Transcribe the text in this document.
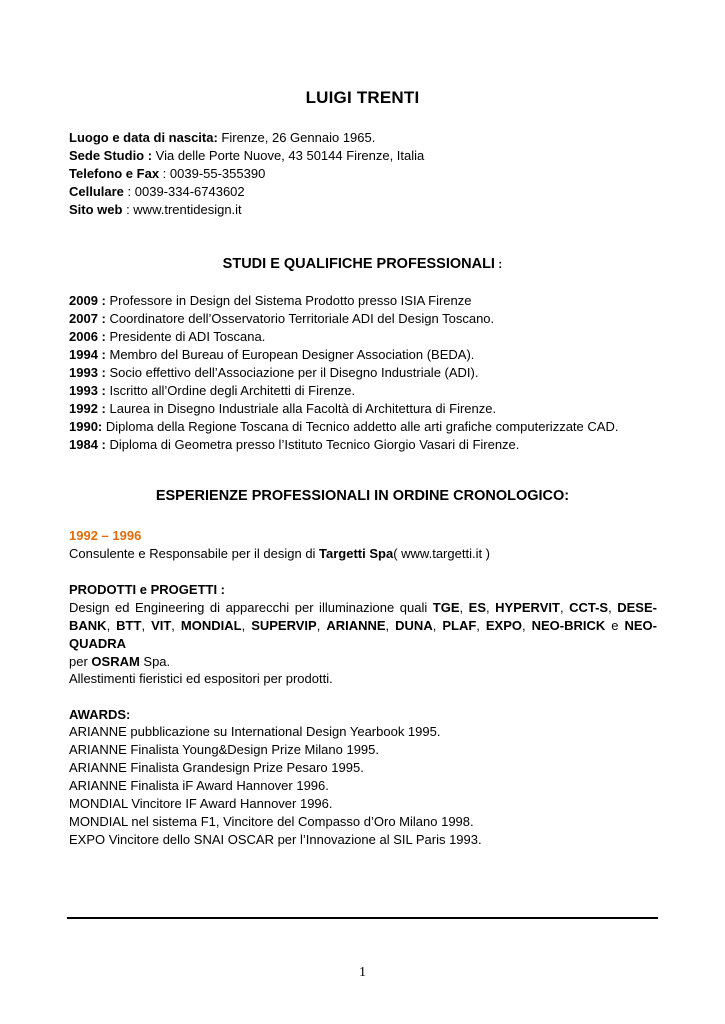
LUIGI TRENTI
Luogo e data di nascita: Firenze, 26 Gennaio 1965.
Sede Studio : Via delle Porte Nuove, 43 50144 Firenze, Italia
Telefono e Fax : 0039-55-355390
Cellulare : 0039-334-6743602
Sito web : www.trentidesign.it
STUDI E QUALIFICHE PROFESSIONALI :
2009 : Professore in Design del Sistema Prodotto presso ISIA Firenze
2007 : Coordinatore dell’Osservatorio Territoriale ADI del Design Toscano.
2006 : Presidente di ADI Toscana.
1994 : Membro del Bureau of European Designer Association (BEDA).
1993 : Socio effettivo dell’Associazione per il Disegno Industriale (ADI).
1993 : Iscritto all’Ordine degli Architetti di Firenze.
1992 : Laurea in Disegno Industriale alla Facoltà di Architettura di Firenze.
1990: Diploma della Regione Toscana di Tecnico addetto alle arti grafiche computerizzate CAD.
1984 : Diploma di Geometra presso l’Istituto Tecnico Giorgio Vasari di Firenze.
ESPERIENZE PROFESSIONALI IN ORDINE CRONOLOGICO:
1992 – 1996
Consulente e Responsabile per il design di Targetti Spa( www.targetti.it )
PRODOTTI e PROGETTI :
Design ed Engineering di apparecchi per illuminazione quali TGE, ES, HYPERVIT, CCT-S, DESE-BANK, BTT, VIT, MONDIAL, SUPERVIP, ARIANNE, DUNA, PLAF, EXPO, NEO-BRICK e NEO-QUADRA
per OSRAM Spa.
Allestimenti fieristici ed espositori per prodotti.
AWARDS:
ARIANNE pubblicazione su International Design Yearbook 1995.
ARIANNE Finalista Young&Design Prize Milano 1995.
ARIANNE Finalista Grandesign Prize Pesaro 1995.
ARIANNE Finalista iF Award Hannover 1996.
MONDIAL Vincitore IF Award Hannover 1996.
MONDIAL nel sistema F1, Vincitore del Compasso d’Oro Milano 1998.
EXPO Vincitore dello SNAI OSCAR per l’Innovazione al SIL Paris 1993.
1
